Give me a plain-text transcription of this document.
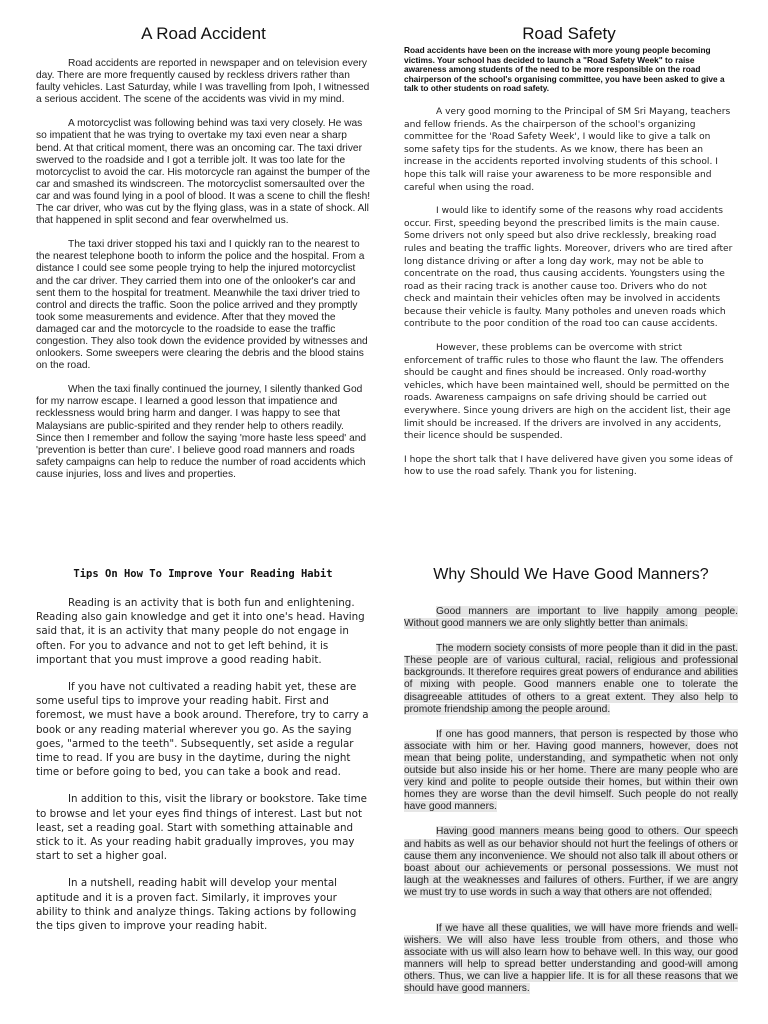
A Road Accident

Road accidents are reported in newspaper and on television every day. There are more frequently caused by reckless drivers rather than faulty vehicles. Last Saturday, while I was travelling from Ipoh, I witnessed a serious accident. The scene of the accidents was vivid in my mind.

A motorcyclist was following behind was taxi very closely. He was so impatient that he was trying to overtake my taxi even near a sharp bend. At that critical moment, there was an oncoming car. The taxi driver swerved to the roadside and I got a terrible jolt. It was too late for the motorcyclist to avoid the car. His motorcycle ran against the bumper of the car and smashed its windscreen. The motorcyclist somersaulted over the car and was found lying in a pool of blood. It was a scene to chill the flesh! The car driver, who was cut by the flying glass, was in a state of shock. All that happened in split second and fear overwhelmed us.

The taxi driver stopped his taxi and I quickly ran to the nearest to the nearest telephone booth to inform the police and the hospital. From a distance I could see some people trying to help the injured motorcyclist and the car driver. They carried them into one of the onlooker's car and sent them to the hospital for treatment. Meanwhile the taxi driver tried to control and directs the traffic. Soon the police arrived and they promptly took some measurements and evidence. After that they moved the damaged car and the motorcycle to the roadside to ease the traffic congestion. They also took down the evidence provided by witnesses and onlookers. Some sweepers were clearing the debris and the blood stains on the road.

When the taxi finally continued the journey, I silently thanked God for my narrow escape. I learned a good lesson that impatience and recklessness would bring harm and danger. I was happy to see that Malaysians are public-spirited and they render help to others readily. Since then I remember and follow the saying 'more haste less speed' and 'prevention is better than cure'. I believe good road manners and roads safety campaigns can help to reduce the number of road accidents which cause injuries, loss and lives and properties.

Road Safety

Road accidents have been on the increase with more young people becoming victims. Your school has decided to launch a "Road Safety Week" to raise awareness among students of the need to be more responsible on the road chairperson of the school's organising committee, you have been asked to give a talk to other students on road safety.

A very good morning to the Principal of SM Sri Mayang, teachers and fellow friends. As the chairperson of the school's organizing committee for the 'Road Safety Week', I would like to give a talk on some safety tips for the students. As we know, there has been an increase in the accidents reported involving students of this school. I hope this talk will raise your awareness to be more responsible and careful when using the road.

I would like to identify some of the reasons why road accidents occur. First, speeding beyond the prescribed limits is the main cause. Some drivers not only speed but also drive recklessly, breaking road rules and beating the traffic lights. Moreover, drivers who are tired after long distance driving or after a long day work, may not be able to concentrate on the road, thus causing accidents. Youngsters using the road as their racing track is another cause too. Drivers who do not check and maintain their vehicles often may be involved in accidents because their vehicle is faulty. Many potholes and uneven roads which contribute to the poor condition of the road too can cause accidents.

However, these problems can be overcome with strict enforcement of traffic rules to those who flaunt the law. The offenders should be caught and fines should be increased. Only road-worthy vehicles, which have been maintained well, should be permitted on the roads. Awareness campaigns on safe driving should be carried out everywhere. Since young drivers are high on the accident list, their age limit should be increased. If the drivers are involved in any accidents, their licence should be suspended.

I hope the short talk that I have delivered have given you some ideas of how to use the road safely. Thank you for listening.

Tips On How To Improve Your Reading Habit

Reading is an activity that is both fun and enlightening. Reading also gain knowledge and get it into one's head. Having said that, it is an activity that many people do not engage in often. For you to advance and not to get left behind, it is important that you must improve a good reading habit.

If you have not cultivated a reading habit yet, these are some useful tips to improve your reading habit. First and foremost, we must have a book around. Therefore, try to carry a book or any reading material wherever you go. As the saying goes, "armed to the teeth". Subsequently, set aside a regular time to read. If you are busy in the daytime, during the night time or before going to bed, you can take a book and read.

In addition to this, visit the library or bookstore. Take time to browse and let your eyes find things of interest. Last but not least, set a reading goal. Start with something attainable and stick to it. As your reading habit gradually improves, you may start to set a higher goal.

In a nutshell, reading habit will develop your mental aptitude and it is a proven fact. Similarly, it improves your ability to think and analyze things. Taking actions by following the tips given to improve your reading habit.

Why Should We Have Good Manners?

Good manners are important to live happily among people. Without good manners we are only slightly better than animals.

The modern society consists of more people than it did in the past. These people are of various cultural, racial, religious and professional backgrounds. It therefore requires great powers of endurance and abilities of mixing with people. Good manners enable one to tolerate the disagreeable attitudes of others to a great extent. They also help to promote friendship among the people around.

If one has good manners, that person is respected by those who associate with him or her. Having good manners, however, does not mean that being polite, understanding, and sympathetic when not only outside but also inside his or her home. There are many people who are very kind and polite to people outside their homes, but within their own homes they are worse than the devil himself. Such people do not really have good manners.

Having good manners means being good to others. Our speech and habits as well as our behavior should not hurt the feelings of others or cause them any inconvenience. We should not also talk ill about others or boast about our achievements or personal possessions. We must not laugh at the weaknesses and failures of others. Further, if we are angry we must try to use words in such a way that others are not offended.

If we have all these qualities, we will have more friends and well-wishers. We will also have less trouble from others, and those who associate with us will also learn how to behave well. In this way, our good manners will help to spread better understanding and good-will among others. Thus, we can live a happier life. It is for all these reasons that we should have good manners.
